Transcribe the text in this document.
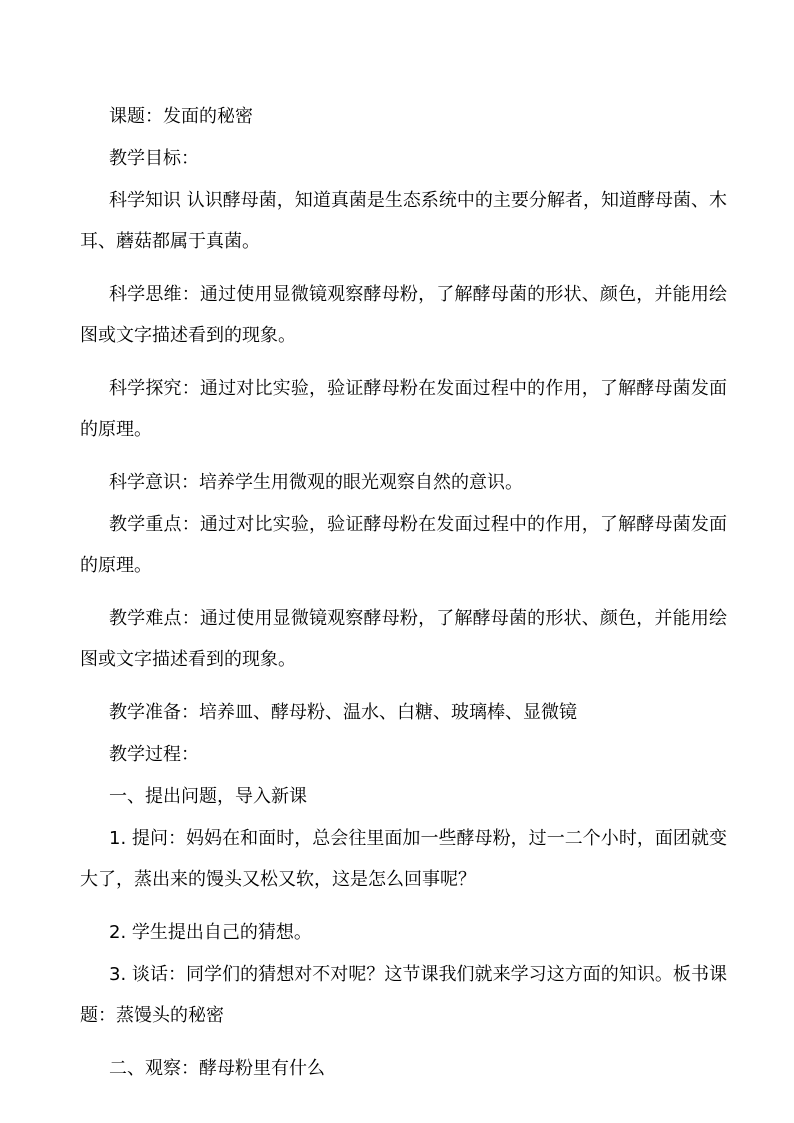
课题：发面的秘密

教学目标：

科学知识 认识酵母菌，知道真菌是生态系统中的主要分解者，知道酵母菌、木耳、蘑菇都属于真菌。

科学思维：通过使用显微镜观察酵母粉，了解酵母菌的形状、颜色，并能用绘图或文字描述看到的现象。

科学探究：通过对比实验，验证酵母粉在发面过程中的作用，了解酵母菌发面的原理。

科学意识：培养学生用微观的眼光观察自然的意识。

教学重点：通过对比实验，验证酵母粉在发面过程中的作用，了解酵母菌发面的原理。

教学难点：通过使用显微镜观察酵母粉，了解酵母菌的形状、颜色，并能用绘图或文字描述看到的现象。

教学准备：培养皿、酵母粉、温水、白糖、玻璃棒、显微镜

教学过程：

一、提出问题，导入新课

1. 提问：妈妈在和面时，总会往里面加一些酵母粉，过一二个小时，面团就变大了，蒸出来的馒头又松又软，这是怎么回事呢？

2. 学生提出自己的猜想。

3. 谈话：同学们的猜想对不对呢？这节课我们就来学习这方面的知识。板书课题：蒸馒头的秘密

二、观察：酵母粉里有什么
